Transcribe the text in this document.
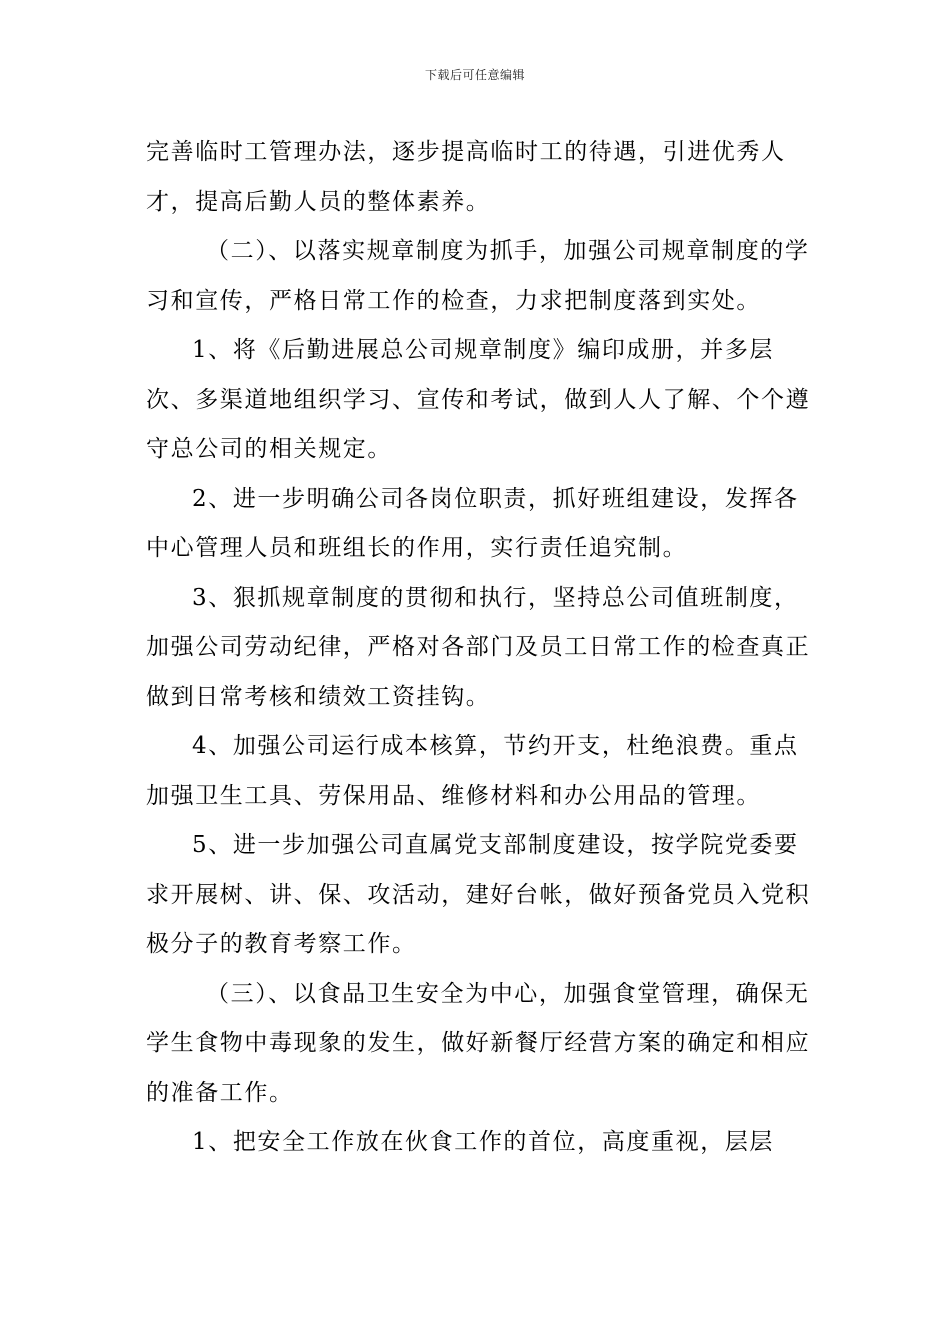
下载后可任意编辑

完善临时工管理办法，逐步提高临时工的待遇，引进优秀人才，提高后勤人员的整体素养。

（二）、以落实规章制度为抓手，加强公司规章制度的学习和宣传，严格日常工作的检查，力求把制度落到实处。

1、将《后勤进展总公司规章制度》编印成册，并多层次、多渠道地组织学习、宣传和考试，做到人人了解、个个遵守总公司的相关规定。

2、进一步明确公司各岗位职责，抓好班组建设，发挥各中心管理人员和班组长的作用，实行责任追究制。

3、狠抓规章制度的贯彻和执行，坚持总公司值班制度，加强公司劳动纪律，严格对各部门及员工日常工作的检查真正做到日常考核和绩效工资挂钩。

4、加强公司运行成本核算，节约开支，杜绝浪费。重点加强卫生工具、劳保用品、维修材料和办公用品的管理。

5、进一步加强公司直属党支部制度建设，按学院党委要求开展树、讲、保、攻活动，建好台帐，做好预备党员入党积极分子的教育考察工作。

（三）、以食品卫生安全为中心，加强食堂管理，确保无学生食物中毒现象的发生，做好新餐厅经营方案的确定和相应的准备工作。

1、把安全工作放在伙食工作的首位，高度重视，层层
